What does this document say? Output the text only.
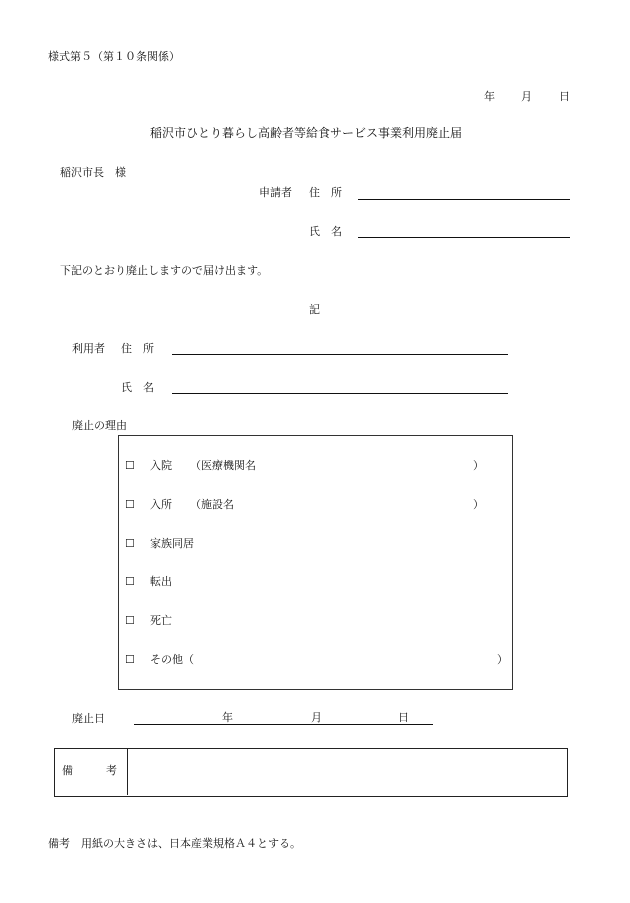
様式第５（第１０条関係）
年 月 日
稲沢市ひとり暮らし高齢者等給食サービス事業利用廃止届
稲沢市長　様
申請者 住　所
氏　名
下記のとおり廃止しますので届け出ます。
記
利用者 住　所
氏　名
廃止の理由
☐ 入院 （医療機関名	）
☐ 入所 （施設名	）
☐ 家族同居
☐ 転出
☐ 死亡
☐ その他（	）
廃止日	年	月	日
備　　　考
備考　用紙の大きさは、日本産業規格Ａ４とする。
